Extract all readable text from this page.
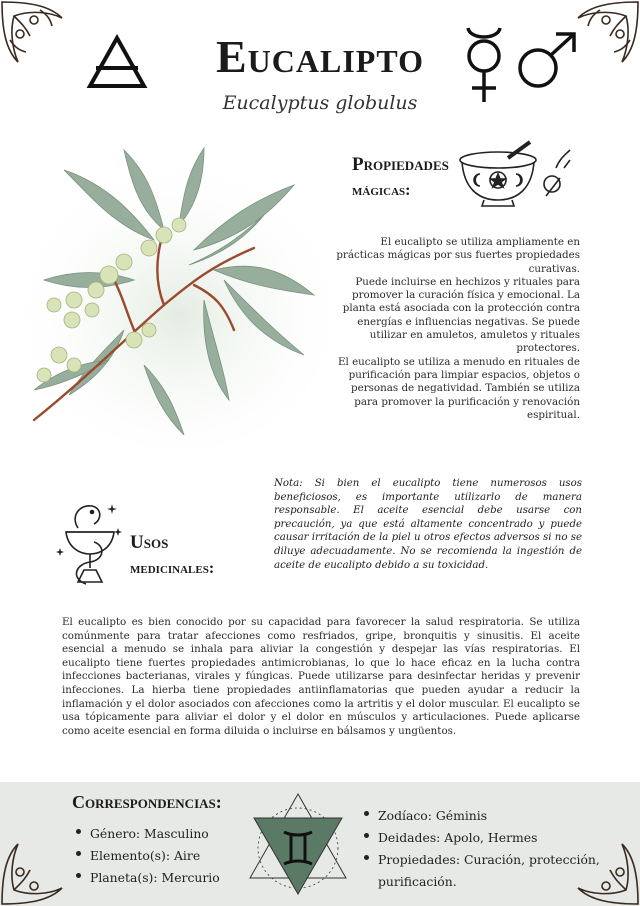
Eucalipto
Eucalyptus globulus
Propiedades
mágicas:

El eucalipto se utiliza ampliamente en prácticas mágicas por sus fuertes propiedades curativas.

Puede incluirse en hechizos y rituales para promover la curación física y emocional. La planta está asociada con la protección contra energías e influencias negativas. Se puede utilizar en amuletos, amuletos y rituales protectores.

El eucalipto se utiliza a menudo en rituales de purificación para limpiar espacios, objetos o personas de negatividad. También se utiliza para promover la purificación y renovación espiritual.

Nota: Si bien el eucalipto tiene numerosos usos beneficiosos, es importante utilizarlo de manera responsable. El aceite esencial debe usarse con precaución, ya que está altamente concentrado y puede causar irritación de la piel u otros efectos adversos si no se diluye adecuadamente. No se recomienda la ingestión de aceite de eucalipto debido a su toxicidad.
Usos
medicinales:
El eucalipto es bien conocido por su capacidad para favorecer la salud respiratoria. Se utiliza comúnmente para tratar afecciones como resfriados, gripe, bronquitis y sinusitis. El aceite esencial a menudo se inhala para aliviar la congestión y despejar las vías respiratorias. El eucalipto tiene fuertes propiedades antimicrobianas, lo que lo hace eficaz en la lucha contra infecciones bacterianas, virales y fúngicas. Puede utilizarse para desinfectar heridas y prevenir infecciones. La hierba tiene propiedades antiinflamatorias que pueden ayudar a reducir la inflamación y el dolor asociados con afecciones como la artritis y el dolor muscular. El eucalipto se usa tópicamente para aliviar el dolor y el dolor en músculos y articulaciones. Puede aplicarse como aceite esencial en forma diluida o incluirse en bálsamos y ungüentos.
Correspondencias:
Género: Masculino
Elemento(s): Aire
Planeta(s): Mercurio
Zodíaco: Géminis
Deidades: Apolo, Hermes
Propiedades: Curación, protección, purificación.
